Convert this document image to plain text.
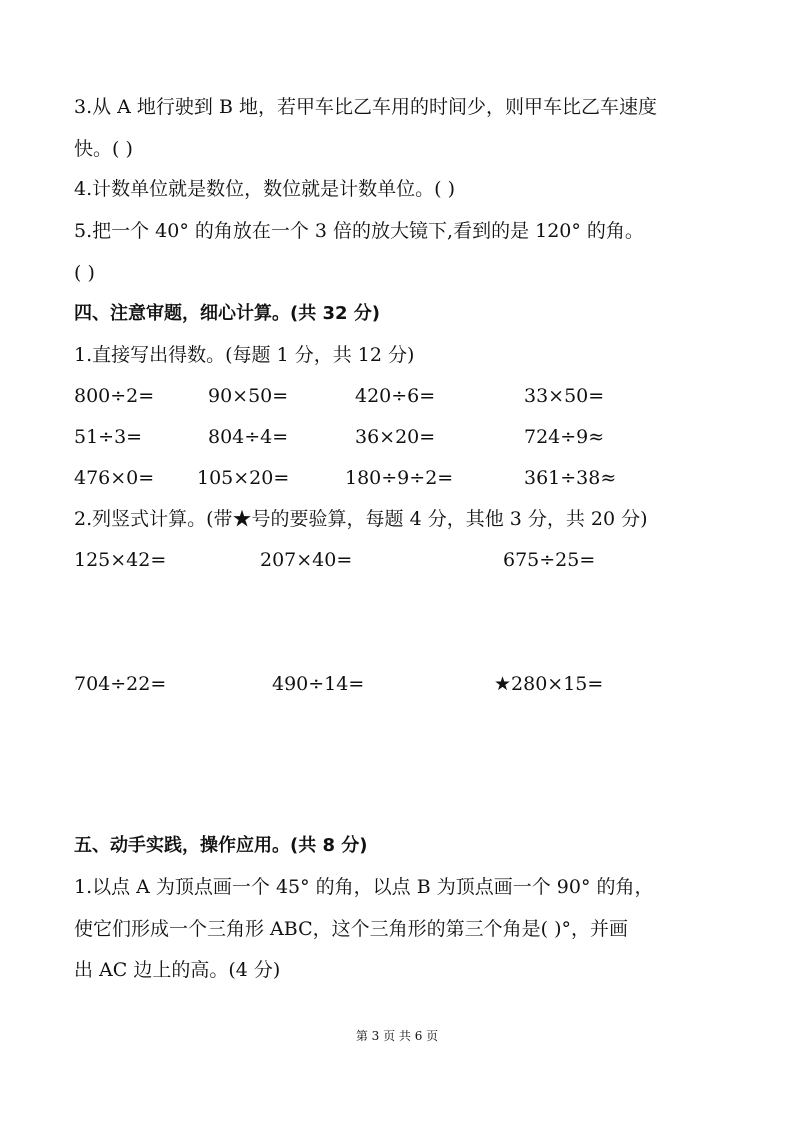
3.从 A 地行驶到 B 地，若甲车比乙车用的时间少，则甲车比乙车速度
快。( )
4.计数单位就是数位，数位就是计数单位。( )
5.把一个 40° 的角放在一个 3 倍的放大镜下,看到的是 120° 的角。
( )
四、注意审题，细心计算。(共 32 分)
1.直接写出得数。(每题 1 分，共 12 分)
800÷2=	90×50=	420÷6=	33×50=
51÷3=	804÷4=	36×20=	724÷9≈
476×0= 105×20=	180÷9÷2=	361÷38≈
2.列竖式计算。(带★号的要验算，每题 4 分，其他 3 分，共 20 分)
125×42=	207×40=	675÷25=
704÷22=	490÷14=	★280×15=
五、动手实践，操作应用。(共 8 分)
1.以点 A 为顶点画一个 45° 的角，以点 B 为顶点画一个 90° 的角，
使它们形成一个三角形 ABC，这个三角形的第三个角是( )°，并画
出 AC 边上的高。(4 分)
第 3 页 共 6 页
